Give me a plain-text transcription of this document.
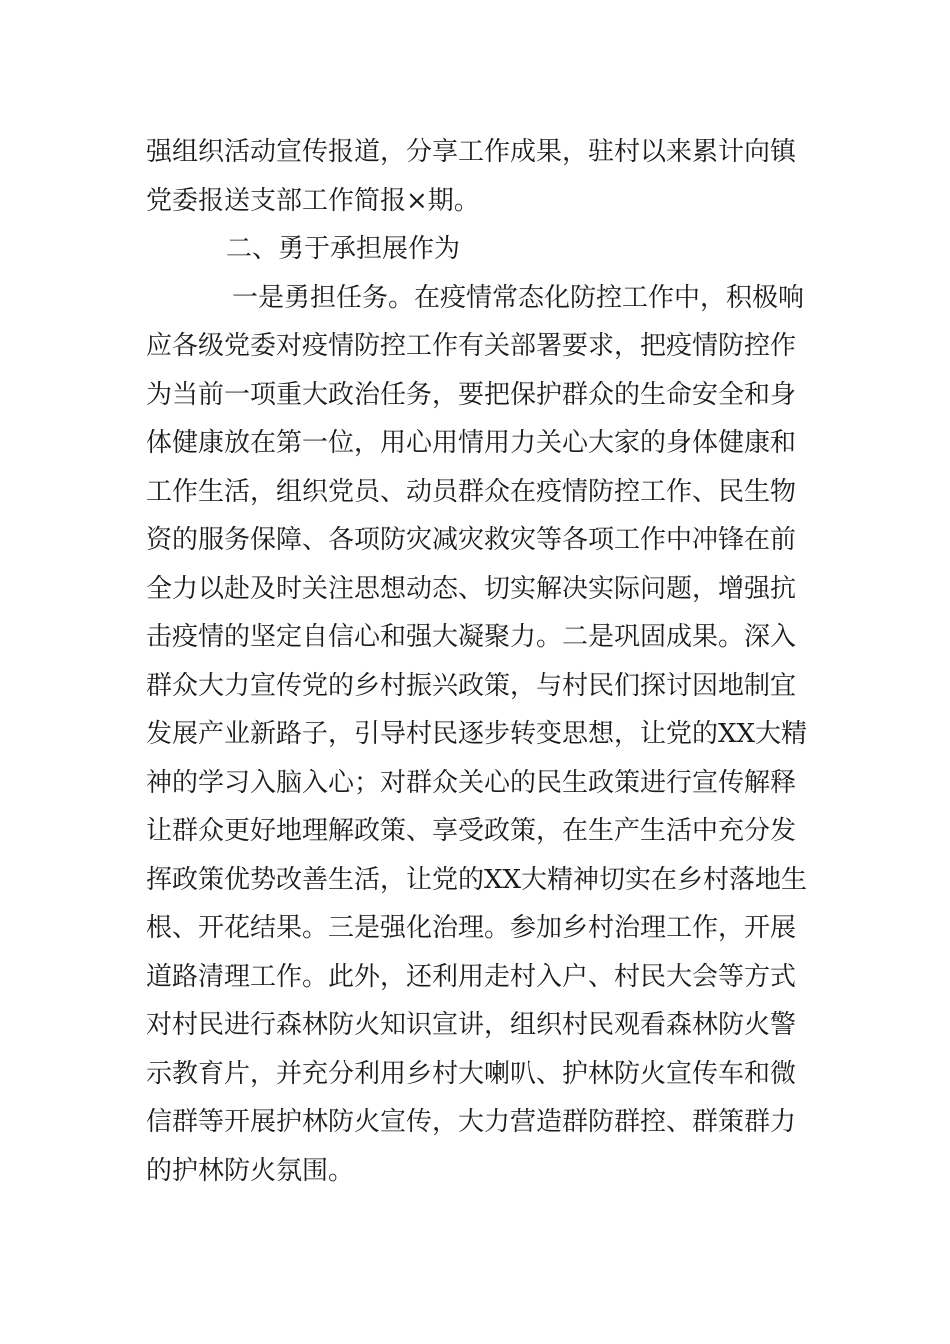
强组织活动宣传报道，分享工作成果，驻村以来累计向镇
党委报送支部工作简报×期。
二、勇于承担展作为
一是勇担任务。在疫情常态化防控工作中，积极响
应各级党委对疫情防控工作有关部署要求，把疫情防控作
为当前一项重大政治任务，要把保护群众的生命安全和身
体健康放在第一位，用心用情用力关心大家的身体健康和
工作生活，组织党员、动员群众在疫情防控工作、民生物
资的服务保障、各项防灾减灾救灾等各项工作中冲锋在前
全力以赴及时关注思想动态、切实解决实际问题，增强抗
击疫情的坚定自信心和强大凝聚力。二是巩固成果。深入
群众大力宣传党的乡村振兴政策，与村民们探讨因地制宜
发展产业新路子，引导村民逐步转变思想，让党的XX大精
神的学习入脑入心；对群众关心的民生政策进行宣传解释
让群众更好地理解政策、享受政策，在生产生活中充分发
挥政策优势改善生活，让党的XX大精神切实在乡村落地生
根、开花结果。三是强化治理。参加乡村治理工作，开展
道路清理工作。此外，还利用走村入户、村民大会等方式
对村民进行森林防火知识宣讲，组织村民观看森林防火警
示教育片，并充分利用乡村大喇叭、护林防火宣传车和微
信群等开展护林防火宣传，大力营造群防群控、群策群力
的护林防火氛围。
